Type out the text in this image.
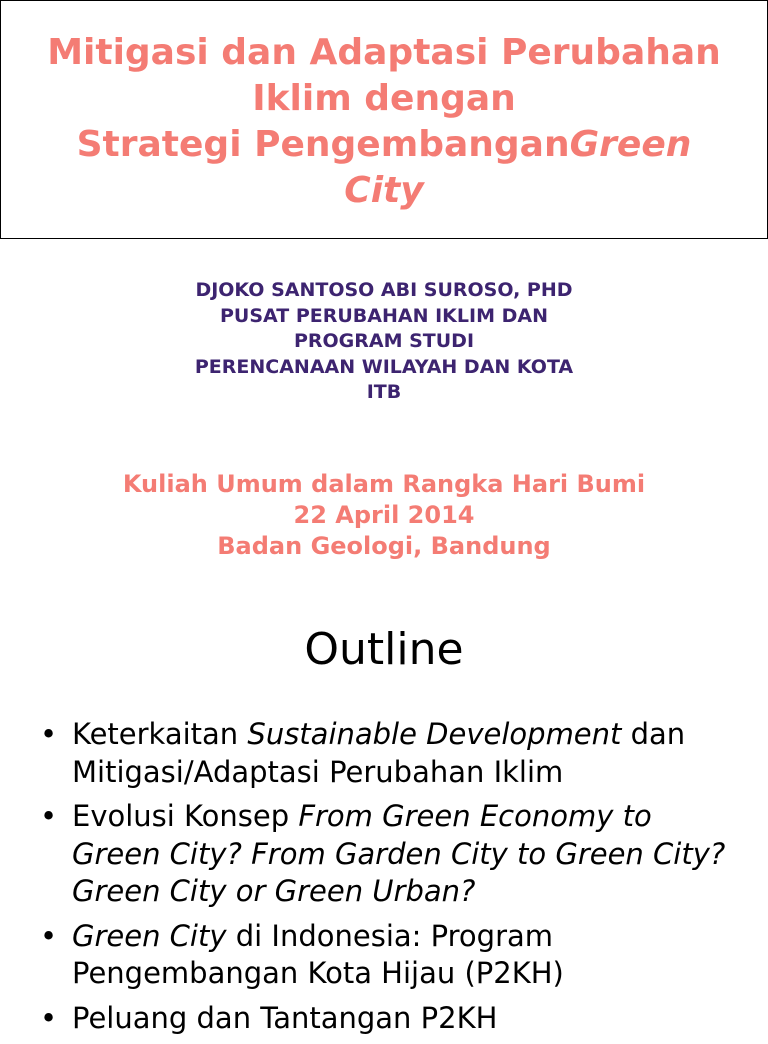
Mitigasi dan Adaptasi Perubahan
Iklim dengan
Strategi PengembanganGreen
City
DJOKO SANTOSO ABI SUROSO, PHD
PUSAT PERUBAHAN IKLIM DAN
PROGRAM STUDI
PERENCANAAN WILAYAH DAN KOTA
ITB
Kuliah Umum dalam Rangka Hari Bumi
22 April 2014
Badan Geologi, Bandung
Outline
• Keterkaitan Sustainable Development dan Mitigasi/Adaptasi Perubahan Iklim
• Evolusi Konsep From Green Economy to Green City? From Garden City to Green City? Green City or Green Urban?
• Green City di Indonesia: Program Pengembangan Kota Hijau (P2KH)
• Peluang dan Tantangan P2KH
